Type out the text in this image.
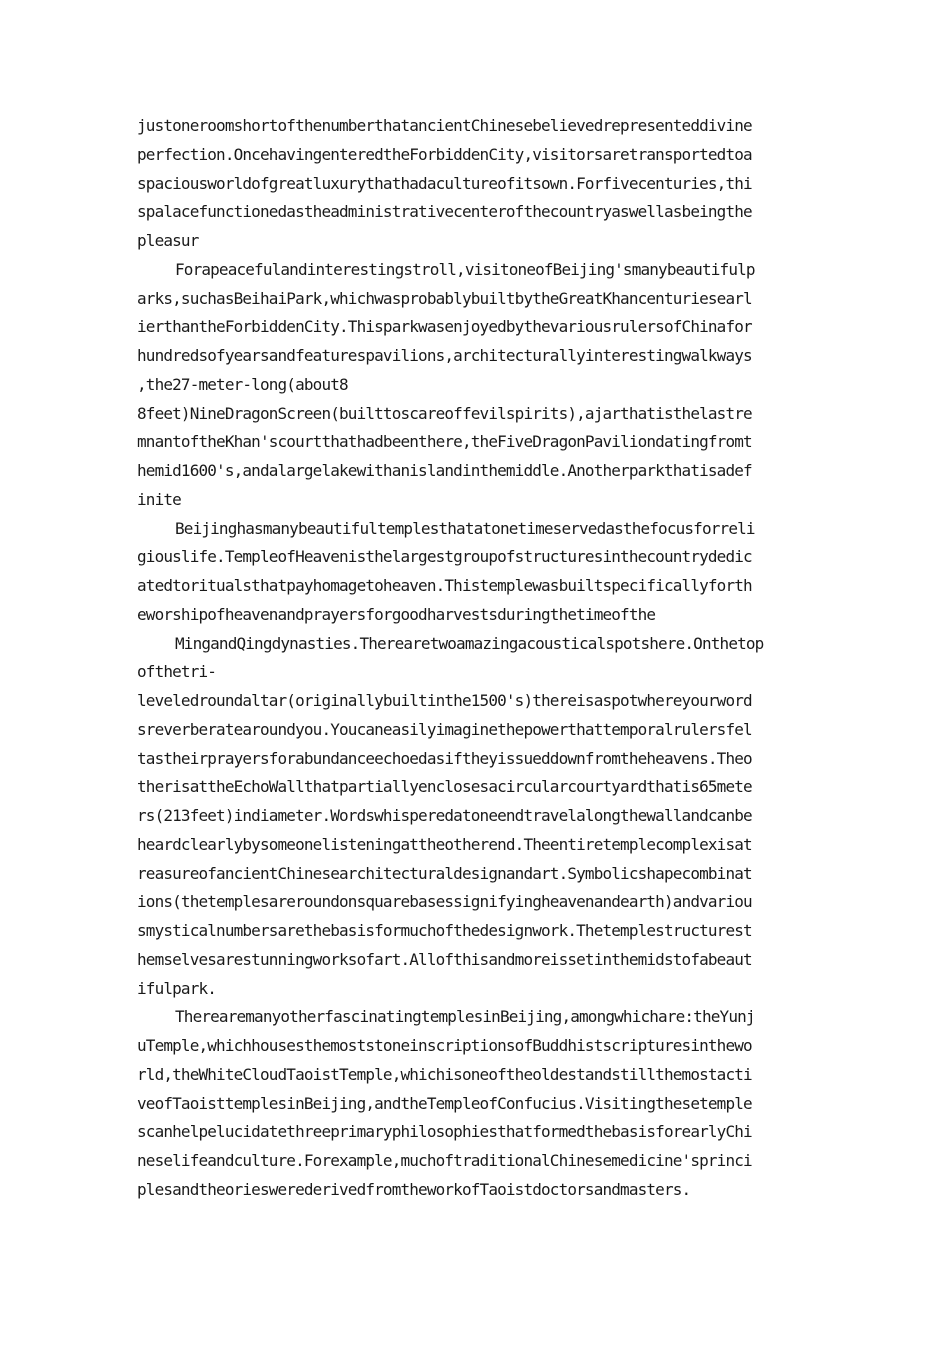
justoneroomshortofthenumberthatancientChinesebelievedrepresenteddivine
perfection.OncehavingenteredtheForbiddenCity,visitorsaretransportedtoa
spaciousworldofgreatluxurythathadacultureofitsown.Forfivecenturies,thi
spalacefunctionedastheadministrativecenterofthecountryaswellasbeingthe
pleasur
Forapeacefulandinterestingstroll,visitoneofBeijing'smanybeautifulp
arks,suchasBeihaiPark,whichwasprobablybuiltbytheGreatKhancenturiesearl
ierthantheForbiddenCity.ThisparkwasenjoyedbythevariousrulersofChinafor
hundredsofyearsandfeaturespavilions,architecturallyinterestingwalkways
,the27-meter-long(about8
8feet)NineDragonScreen(builttoscareoffevilspirits),ajarthatisthelastre
mnantoftheKhan'scourtthathadbeenthere,theFiveDragonPaviliondatingfromt
hemid1600's,andalargelakewithanislandinthemiddle.Anotherparkthatisadef
inite
Beijinghasmanybeautifultemplesthatatonetimeservedasthefocusforreli
giouslife.TempleofHeavenisthelargestgroupofstructuresinthecountrydedic
atedtoritualsthatpayhomagetoheaven.Thistemplewasbuiltspecificallyforth
eworshipofheavenandprayersforgoodharvestsduringthetimeofthe
MingandQingdynasties.Therearetwoamazingacousticalspotshere.Onthetop
ofthetri-
leveledroundaltar(originallybuiltinthe1500's)thereisaspotwhereyourword
sreverberatearoundyou.Youcaneasilyimaginethepowerthattemporalrulersfel
tastheirprayersforabundanceechoedasiftheyissueddownfromtheheavens.Theo
therisattheEchoWallthatpartiallyenclosesacircularcourtyardthatis65mete
rs(213feet)indiameter.Wordswhisperedatoneendtravelalongthewallandcanbe
heardclearlybysomeonelisteningattheotherend.Theentiretemplecomplexisat
reasureofancientChinesearchitecturaldesignandart.Symbolicshapecombinat
ions(thetemplesareroundonsquarebasessignifyingheavenandearth)andvariou
smysticalnumbersarethebasisformuchofthedesignwork.Thetemplestructurest
hemselvesarestunningworksofart.Allofthisandmoreissetinthemidstofabeaut
ifulpark.
TherearemanyotherfascinatingtemplesinBeijing,amongwhichare:theYunj
uTemple,whichhousesthemoststoneinscriptionsofBuddhistscripturesinthewo
rld,theWhiteCloudTaoistTemple,whichisoneoftheoldestandstillthemostacti
veofTaoisttemplesinBeijing,andtheTempleofConfucius.Visitingthesetemple
scanhelpelucidatethreeprimaryphilosophiesthatformedthebasisforearlyChi
neselifeandculture.Forexample,muchoftraditionalChinesemedicine'sprinci
plesandtheorieswerederivedfromtheworkofTaoistdoctorsandmasters.
